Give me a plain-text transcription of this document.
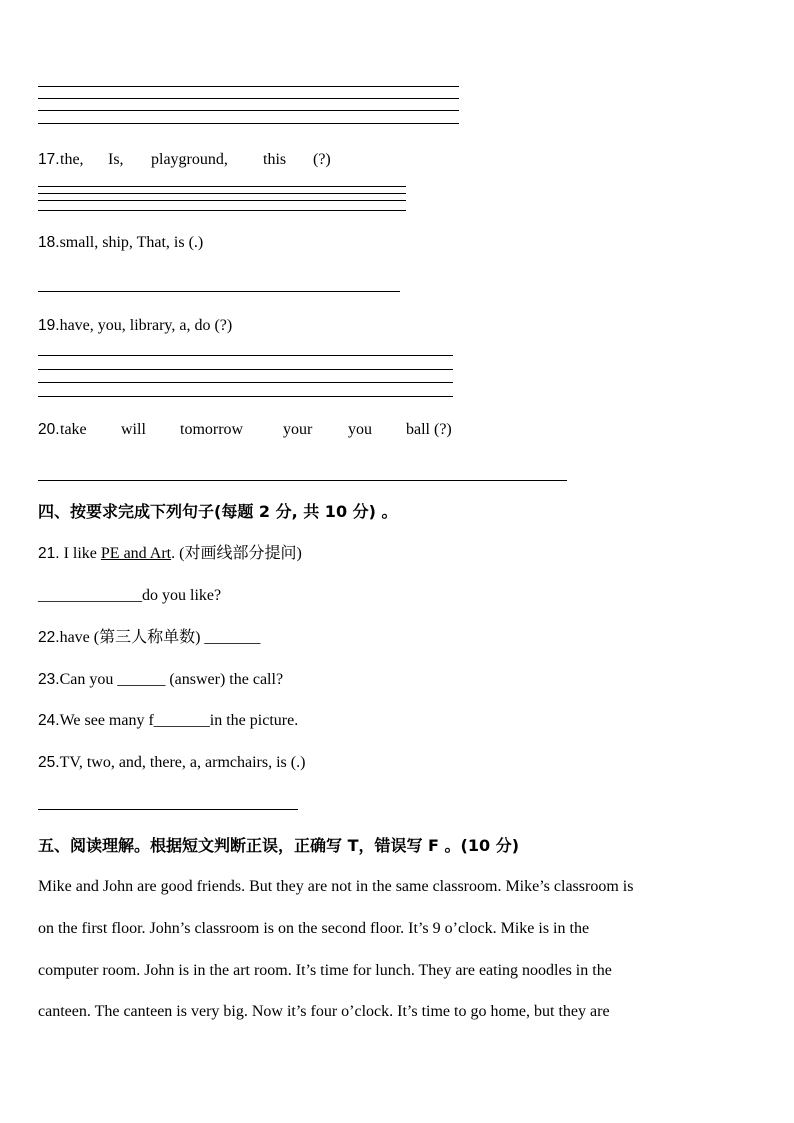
17. the, Is, playground, this (?)
18.small, ship, That, is (.)
19.have, you, library, a, do (?)
20. take will tomorrow your you ball (?)
四、按要求完成下列句子(每题 2 分, 共 10 分) 。
21. I like PE and Art. (对画线部分提问)
_____________do you like?
22.have (第三人称单数) _______
23.Can you ______ (answer) the call?
24.We see many f_______in the picture.
25.TV, two, and, there, a, armchairs, is (.)
五、阅读理解。根据短文判断正误，正确写 T，错误写 F 。(10 分)
Mike and John are good friends. But they are not in the same classroom. Mike’s classroom is
on the first floor. John’s classroom is on the second floor. It’s 9 o’clock. Mike is in the
computer room. John is in the art room. It’s time for lunch. They are eating noodles in the
canteen. The canteen is very big. Now it’s four o’clock. It’s time to go home, but they are
